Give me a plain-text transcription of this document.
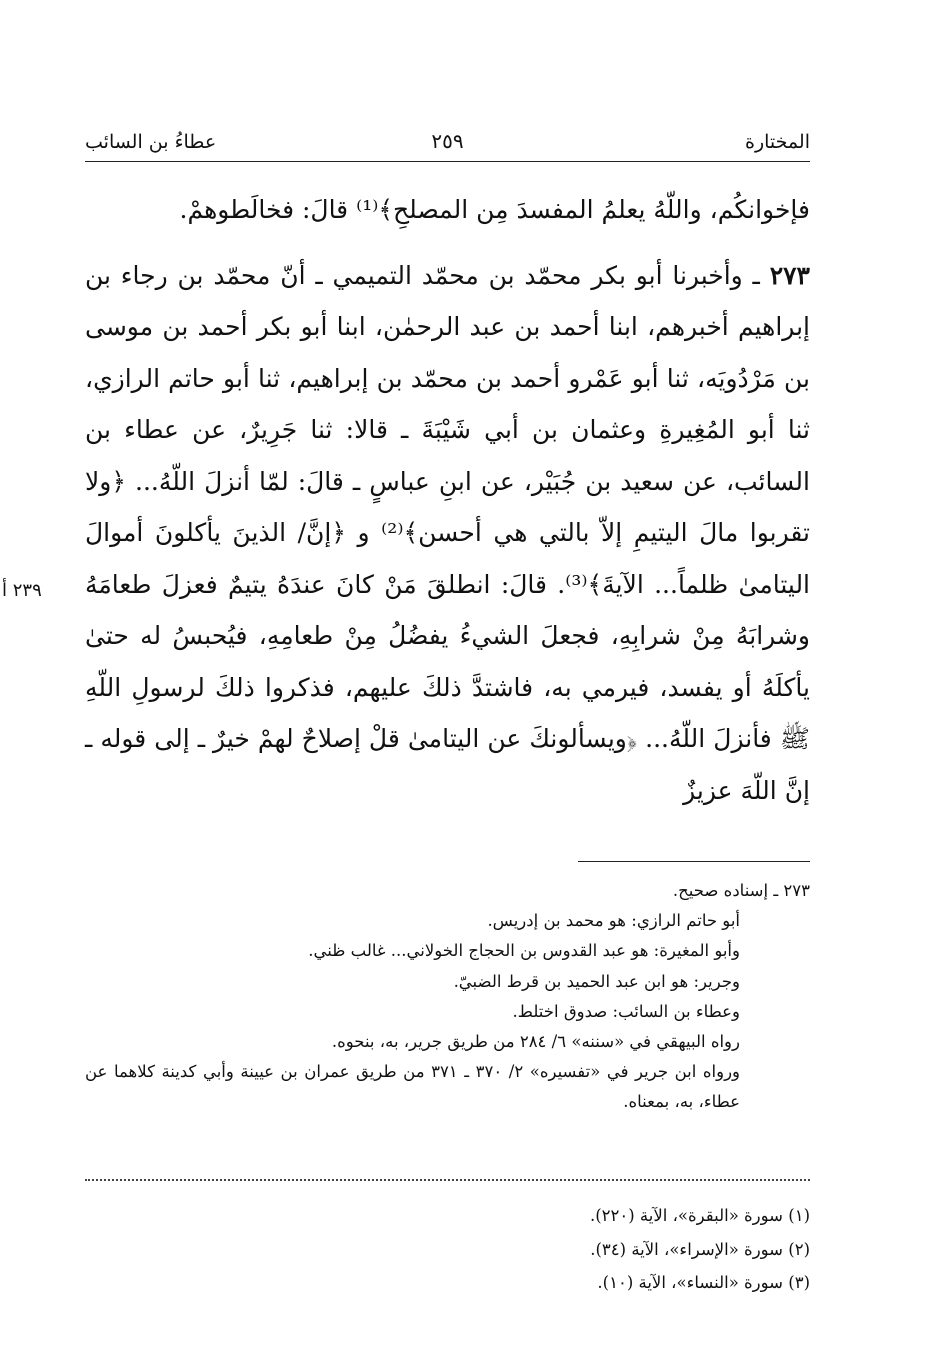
المختارة
٢٥٩
عطاءُ بن السائب

فإخوانكُم، واللّهُ يعلمُ المفسدَ مِن المصلحِ﴾⁽¹⁾ قالَ: فخالَطوهمْ.

٢٧٣ ـ وأخبرنا أبو بكر محمّد بن محمّد التميمي ـ أنّ محمّد بن رجاء بن إبراهيم أخبرهم، ابنا أحمد بن عبد الرحمٰن، ابنا أبو بكر أحمد بن موسى بن مَرْدُويَه، ثنا أبو عَمْرو أحمد بن محمّد بن إبراهيم، ثنا أبو حاتم الرازي، ثنا أبو المُغِيرةِ وعثمان بن أبي شَيْبَةَ ـ قالا: ثنا جَرِيرٌ، عن عطاء بن السائب، عن سعيد بن جُبَيْر، عن ابنِ عباسٍ ـ قالَ: لمّا أنزلَ اللّهُ... ﴿ولا تقربوا مالَ اليتيمِ إلاّ بالتي هي أحسن﴾⁽²⁾ و ﴿إنَّ/ الذينَ يأكلونَ أموالَ اليتامىٰ ظلماً... الآيةَ﴾⁽³⁾. قالَ: انطلقَ مَنْ كانَ عندَهُ يتيمٌ فعزلَ طعامَهُ وشرابَهُ مِنْ شرابِهِ، فجعلَ الشيءُ يفضُلُ مِنْ طعامِهِ، فيُحبسُ له حتىٰ يأكلَهُ أو يفسد، فيرمي به، فاشتدَّ ذلكَ عليهم، فذكروا ذلكَ لرسولِ اللّهِ ﷺ فأنزلَ اللّهُ... ﴿ويسألونكَ عن اليتامىٰ قلْ إصلاحٌ لهمْ خيرٌ ـ إلى قوله ـ إنَّ اللّهَ عزيزٌ

٢٣٩ أ

٢٧٣ ـ إسناده صحيح.

أبو حاتم الرازي: هو محمد بن إدريس.

وأبو المغيرة: هو عبد القدوس بن الحجاج الخولاني... غالب ظني.

وجرير: هو ابن عبد الحميد بن قرط الضبيّ.

وعطاء بن السائب: صدوق اختلط.

رواه البيهقي في «سننه» ٦/ ٢٨٤ من طريق جرير، به، بنحوه.

ورواه ابن جرير في «تفسيره» ٢/ ٣٧٠ ـ ٣٧١ من طريق عمران بن عيينة وأبي كدينة كلاهما عن عطاء، به، بمعناه.

(١) سورة «البقرة»، الآية (٢٢٠).

(٢) سورة «الإسراء»، الآية (٣٤).

(٣) سورة «النساء»، الآية (١٠).
